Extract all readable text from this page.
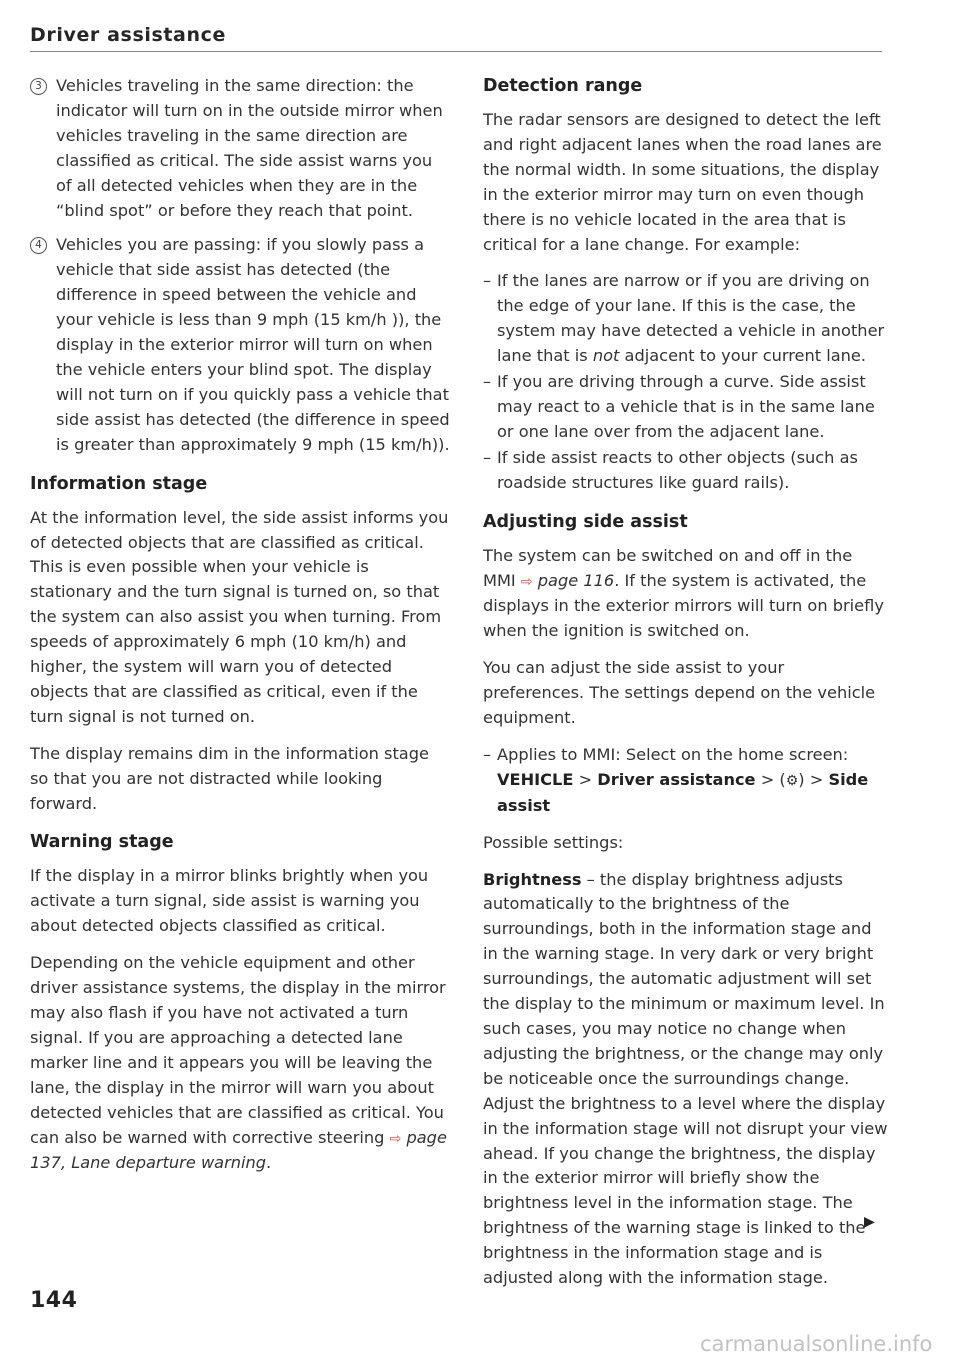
Driver assistance
3 Vehicles traveling in the same direction: the indicator will turn on in the outside mirror when vehicles traveling in the same direction are classified as critical. The side assist warns you of all detected vehicles when they are in the “blind spot” or before they reach that point.
4 Vehicles you are passing: if you slowly pass a vehicle that side assist has detected (the difference in speed between the vehicle and your vehicle is less than 9 mph (15 km/h )), the display in the exterior mirror will turn on when the vehicle enters your blind spot. The display will not turn on if you quickly pass a vehicle that side assist has detected (the difference in speed is greater than approximately 9 mph (15 km/h)).
Information stage

At the information level, the side assist informs you of detected objects that are classified as critical. This is even possible when your vehicle is stationary and the turn signal is turned on, so that the system can also assist you when turning. From speeds of approximately 6 mph (10 km/h) and higher, the system will warn you of detected objects that are classified as critical, even if the turn signal is not turned on.

The display remains dim in the information stage so that you are not distracted while looking forward.

Warning stage

If the display in a mirror blinks brightly when you activate a turn signal, side assist is warning you about detected objects classified as critical.

Depending on the vehicle equipment and other driver assistance systems, the display in the mirror may also flash if you have not activated a turn signal. If you are approaching a detected lane marker line and it appears you will be leaving the lane, the display in the mirror will warn you about detected vehicles that are classified as critical. You can also be warned with corrective steering ⇨ page 137, Lane departure warning.

Detection range

The radar sensors are designed to detect the left and right adjacent lanes when the road lanes are the normal width. In some situations, the display in the exterior mirror may turn on even though there is no vehicle located in the area that is critical for a lane change. For example:

– If the lanes are narrow or if you are driving on the edge of your lane. If this is the case, the system may have detected a vehicle in another lane that is not adjacent to your current lane.
– If you are driving through a curve. Side assist may react to a vehicle that is in the same lane or one lane over from the adjacent lane.
– If side assist reacts to other objects (such as roadside structures like guard rails).
Adjusting side assist

The system can be switched on and off in the MMI ⇨ page 116. If the system is activated, the displays in the exterior mirrors will turn on briefly when the ignition is switched on.

You can adjust the side assist to your preferences. The settings depend on the vehicle equipment.

– Applies to MMI: Select on the home screen: VEHICLE > Driver assistance > (⚙) > Side assist

Possible settings:

Brightness – the display brightness adjusts automatically to the brightness of the surroundings, both in the information stage and in the warning stage. In very dark or very bright surroundings, the automatic adjustment will set the display to the minimum or maximum level. In such cases, you may notice no change when adjusting the brightness, or the change may only be noticeable once the surroundings change. Adjust the brightness to a level where the display in the information stage will not disrupt your view ahead. If you change the brightness, the display in the exterior mirror will briefly show the brightness level in the information stage. The brightness of the warning stage is linked to the brightness in the information stage and is adjusted along with the information stage.

▶
144
carmanualsonline.info
